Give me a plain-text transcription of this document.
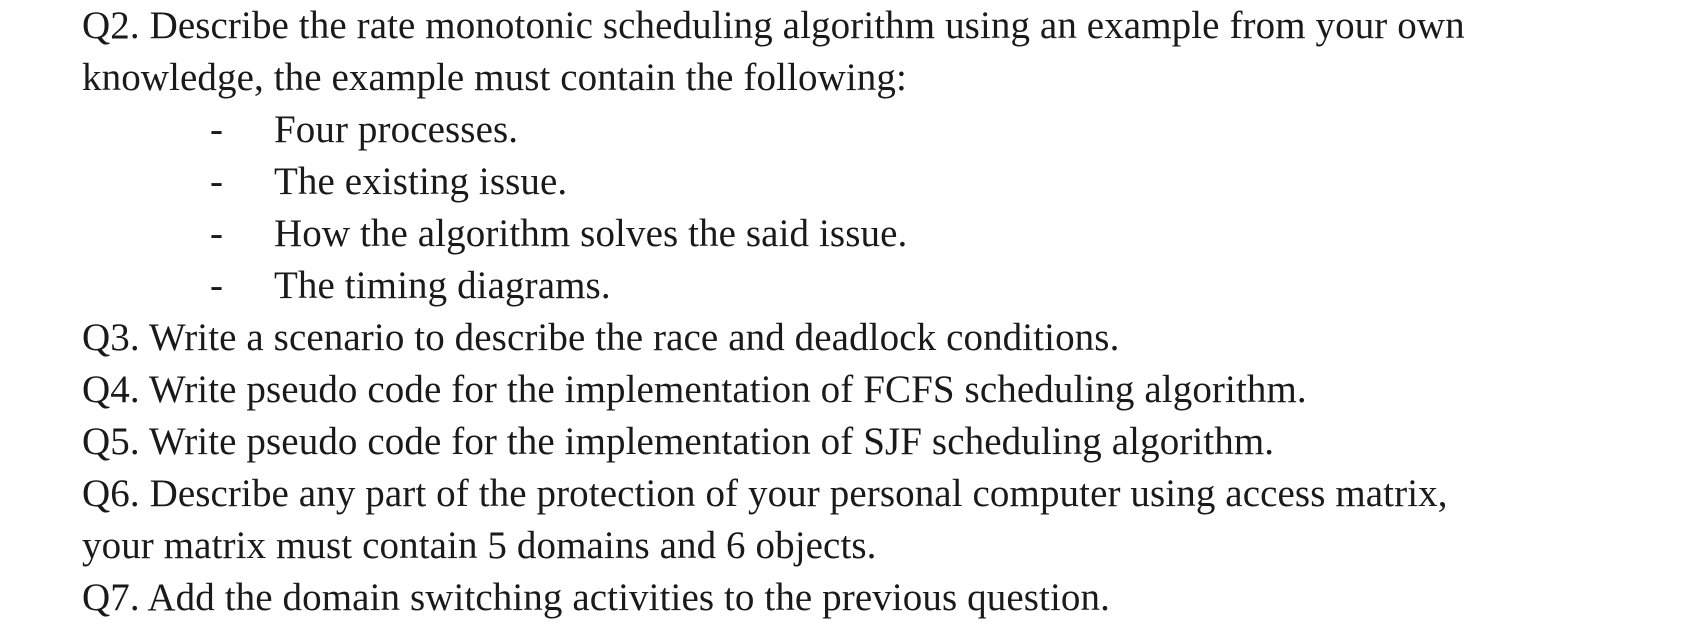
Q2. Describe the rate monotonic scheduling algorithm using an example from your own
knowledge, the example must contain the following:
- Four processes.
- The existing issue.
- How the algorithm solves the said issue.
- The timing diagrams.
Q3. Write a scenario to describe the race and deadlock conditions.
Q4. Write pseudo code for the implementation of FCFS scheduling algorithm.
Q5. Write pseudo code for the implementation of SJF scheduling algorithm.
Q6. Describe any part of the protection of your personal computer using access matrix,
your matrix must contain 5 domains and 6 objects.
Q7. Add the domain switching activities to the previous question.
